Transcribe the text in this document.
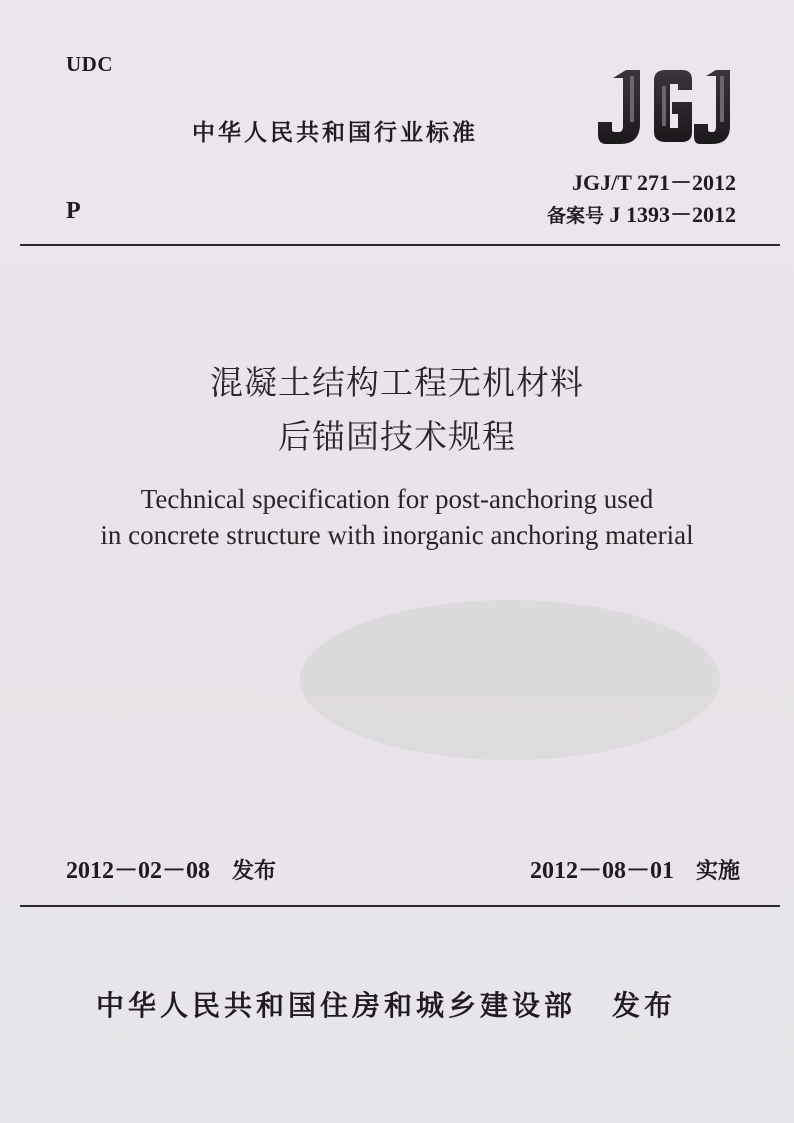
UDC
中华人民共和国行业标准
JGJ/T 271－2012
P	备案号 J 1393－2012
混凝土结构工程无机材料
后锚固技术规程
Technical specification for post-anchoring used
in concrete structure with inorganic anchoring material
2012－02－08 发布	2012－08－01 实施
中华人民共和国住房和城乡建设部 发布
